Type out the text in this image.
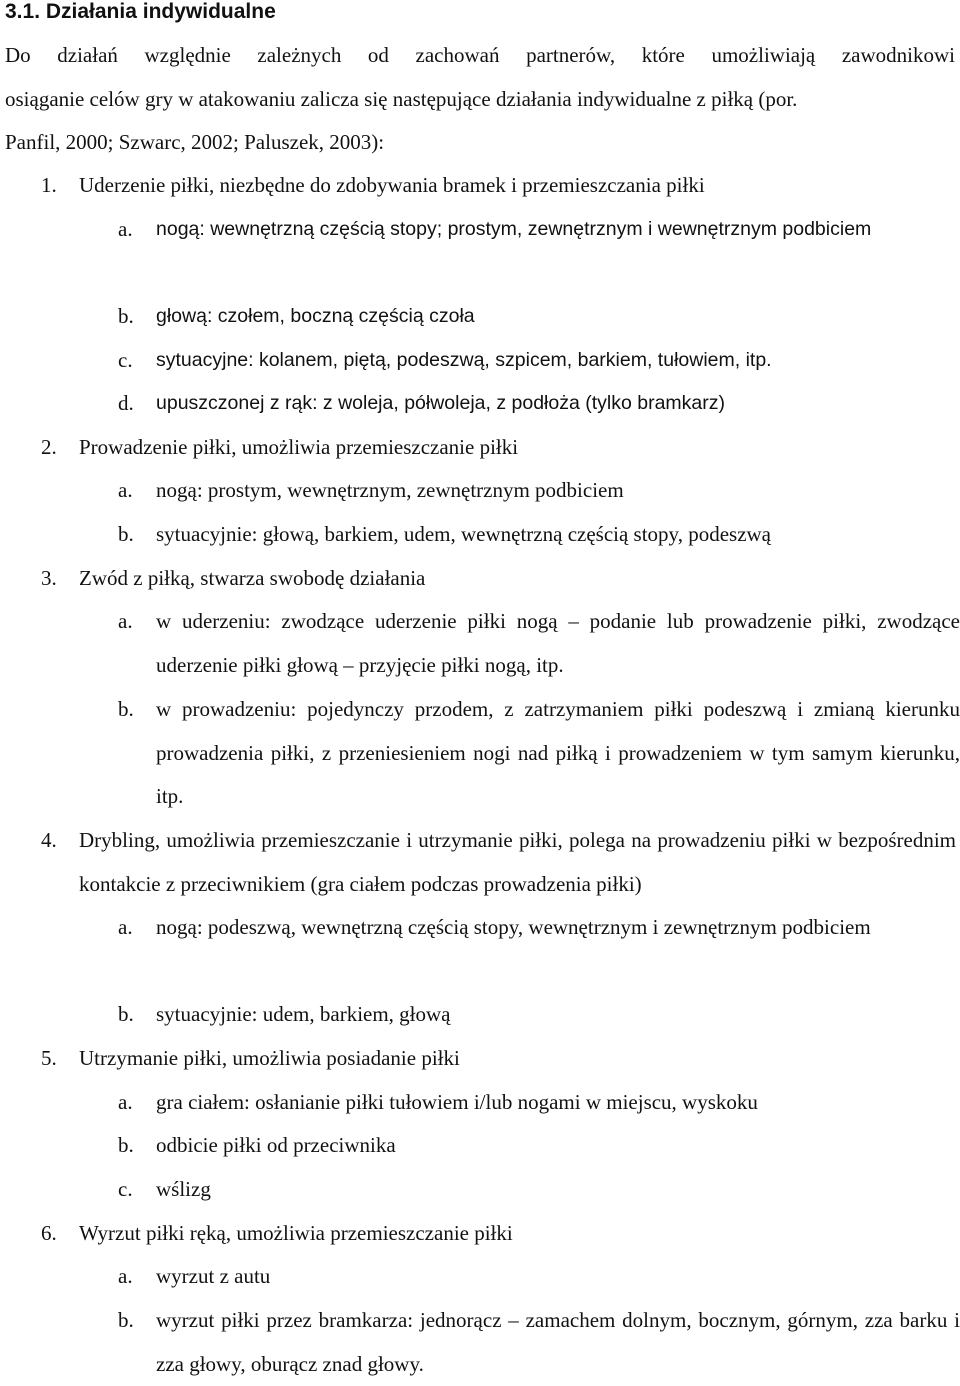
3.1. Działania indywidualne
Do działań względnie zależnych od zachowań partnerów, które umożliwiają zawodnikowi
osiąganie celów gry w atakowaniu zalicza się następujące działania indywidualne z piłką (por.
Panfil, 2000; Szwarc, 2002; Paluszek, 2003):
1. Uderzenie piłki, niezbędne do zdobywania bramek i przemieszczania piłki
a. nogą: wewnętrzną częścią stopy; prostym, zewnętrznym i wewnętrznym podbiciem
b. głową: czołem, boczną częścią czoła
c. sytuacyjne: kolanem, piętą, podeszwą, szpicem, barkiem, tułowiem, itp.
d. upuszczonej z rąk: z woleja, półwoleja, z podłoża (tylko bramkarz)
2. Prowadzenie piłki, umożliwia przemieszczanie piłki
a. nogą: prostym, wewnętrznym, zewnętrznym podbiciem
b. sytuacyjnie: głową, barkiem, udem, wewnętrzną częścią stopy, podeszwą
3. Zwód z piłką, stwarza swobodę działania
a. w uderzeniu: zwodzące uderzenie piłki nogą – podanie lub prowadzenie piłki, zwodzące uderzenie piłki głową – przyjęcie piłki nogą, itp.
b. w prowadzeniu: pojedynczy przodem, z zatrzymaniem piłki podeszwą i zmianą kierunku prowadzenia piłki, z przeniesieniem nogi nad piłką i prowadzeniem w tym samym kierunku, itp.
4. Drybling, umożliwia przemieszczanie i utrzymanie piłki, polega na prowadzeniu piłki w bezpośrednim kontakcie z przeciwnikiem (gra ciałem podczas prowadzenia piłki)
a. nogą: podeszwą, wewnętrzną częścią stopy, wewnętrznym i zewnętrznym podbiciem
b. sytuacyjnie: udem, barkiem, głową
5. Utrzymanie piłki, umożliwia posiadanie piłki
a. gra ciałem: osłanianie piłki tułowiem i/lub nogami w miejscu, wyskoku
b. odbicie piłki od przeciwnika
c. wślizg
6. Wyrzut piłki ręką, umożliwia przemieszczanie piłki
a. wyrzut z autu
b. wyrzut piłki przez bramkarza: jednorącz – zamachem dolnym, bocznym, górnym, zza barku i zza głowy, oburącz znad głowy.
